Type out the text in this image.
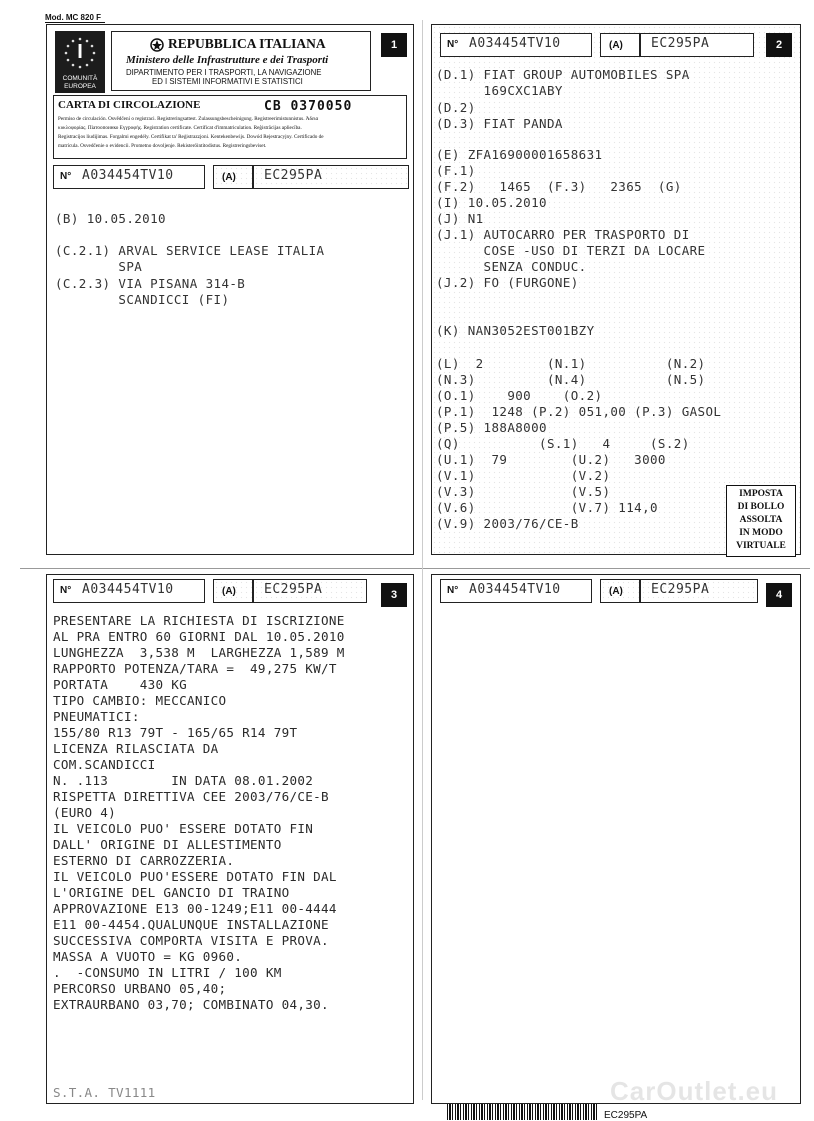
Mod. MC 820 F
1
I
COMUNITÀ
EUROPEA
REPUBBLICA ITALIANA
Ministero delle Infrastrutture e dei Trasporti
DIPARTIMENTO PER I TRASPORTI, LA NAVIGAZIONE
ED I SISTEMI INFORMATIVI E STATISTICI
CARTA DI CIRCOLAZIONE	CB 0370050
Permiso de circulación. Osvědčení o registraci. Registreringsattest. Zulassungsbescheinigung. Registreerimistunnistus. Άδεια
κυκλοφορίας. Піатоопоинко Еүүроφής. Registration certificate. Certificat d'immatriculation. Reģistrācijas apliecība.
Registracijos liudijimas. Forgalmi engedély. Certifikat ta' Reġistrazzjoni. Kentekenbewijs. Dowód Rejestracyjny. Certificado de
matrícula. Osvedčenie o evidencii. Prometno dovoljenje. Rekisteröintitodistus. Registreringsbeviset.
N° A034454TV10	(A) EC295PA
(B) 10.05.2010
(C.2.1) ARVAL SERVICE LEASE ITALIA
SPA
(C.2.3) VIA PISANA 314-B
SCANDICCI (FI)
2
N° A034454TV10	(A) EC295PA
(D.1) FIAT GROUP AUTOMOBILES SPA
169CXC1ABY
(D.2)
(D.3) FIAT PANDA
(E) ZFA16900001658631
(F.1)
(F.2)   1465  (F.3)   2365  (G)
(I) 10.05.2010
(J) N1
(J.1) AUTOCARRO PER TRASPORTO DI
COSE -USO DI TERZI DA LOCARE
SENZA CONDUC.
(J.2) FO (FURGONE)
(K) NAN3052EST001BZY
(L)  2        (N.1)          (N.2)
(N.3)         (N.4)          (N.5)
(O.1)    900    (O.2)
(P.1)  1248 (P.2) 051,00 (P.3) GASOL
(P.5) 188A8000
(Q)          (S.1)   4     (S.2)
(U.1)  79        (U.2)   3000
(V.1)            (V.2)
(V.3)            (V.5)
(V.6)            (V.7) 114,0
(V.9) 2003/76/CE-B
IMPOSTA
DI BOLLO
ASSOLTA
IN MODO
VIRTUALE
3
N° A034454TV10	(A) EC295PA
PRESENTARE LA RICHIESTA DI ISCRIZIONE
AL PRA ENTRO 60 GIORNI DAL 10.05.2010
LUNGHEZZA  3,538 M  LARGHEZZA 1,589 M
RAPPORTO POTENZA/TARA =  49,275 KW/T
PORTATA    430 KG
TIPO CAMBIO: MECCANICO
PNEUMATICI:
155/80 R13 79T - 165/65 R14 79T
LICENZA RILASCIATA DA
COM.SCANDICCI
N. .113        IN DATA 08.01.2002
RISPETTA DIRETTIVA CEE 2003/76/CE-B
(EURO 4)
IL VEICOLO PUO' ESSERE DOTATO FIN
DALL' ORIGINE DI ALLESTIMENTO
ESTERNO DI CARROZZERIA.
IL VEICOLO PUO'ESSERE DOTATO FIN DAL
L'ORIGINE DEL GANCIO DI TRAINO
APPROVAZIONE E13 00-1249;E11 00-4444
E11 00-4454.QUALUNQUE INSTALLAZIONE
SUCCESSIVA COMPORTA VISITA E PROVA.
MASSA A VUOTO = KG 0960.
.  -CONSUMO IN LITRI / 100 KM
PERCORSO URBANO 05,40;
EXTRAURBANO 03,70; COMBINATO 04,30.
S.T.A. TV1111
4
N° A034454TV10	(A) EC295PA
CarOutlet.eu
EC295PA
